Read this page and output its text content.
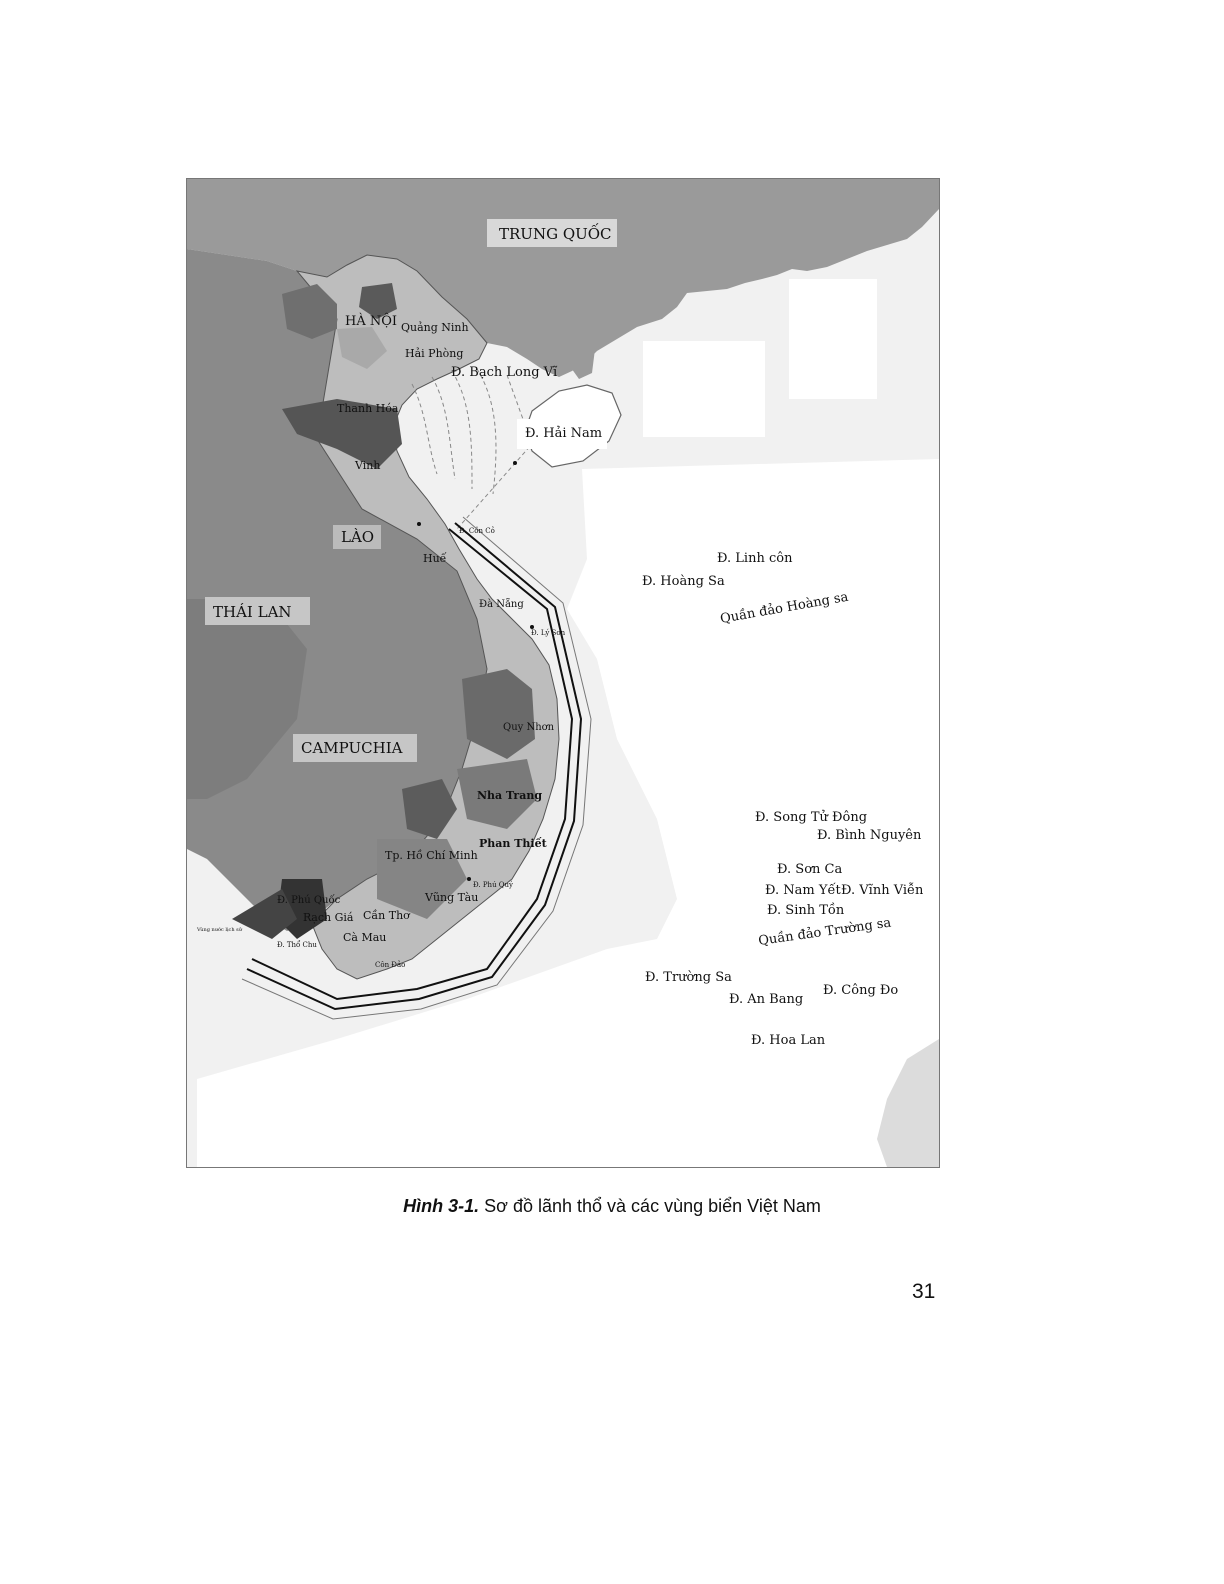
TRUNG QUỐC
LÀO
THÁI LAN
CAMPUCHIA
HÀ NỘI Quảng Ninh
Hải Phòng
Thanh Hóa
Vinh
Huế
Đà Nẵng
Quy Nhơn
Nha Trang
Phan Thiết
Tp. Hồ Chí Minh
Vũng Tàu
Rạch Giá Cần Thơ
Cà Mau
Đ. Bạch Long Vĩ
Đ. Hải Nam
Đ. Cồn Cỏ
Đ. Lý Sơn
Đ. Phú Quý
Đ. Phú Quốc
Đ. Thổ Chu
Côn Đảo
Vùng nước lịch sử
Đ. Linh côn
Đ. Hoàng Sa
Quần đảo Hoàng sa
Đ. Song Tử Đông
Đ. Bình Nguyên
Đ. Sơn Ca
Đ. Nam Yết Đ. Vĩnh Viễn
Đ. Sinh Tồn
Quần đảo Trường sa
Đ. Trường Sa
Đ. Công Đo
Đ. An Bang
Đ. Hoa Lan
Hình 3-1. Sơ đồ lãnh thổ và các vùng biển Việt Nam
31
